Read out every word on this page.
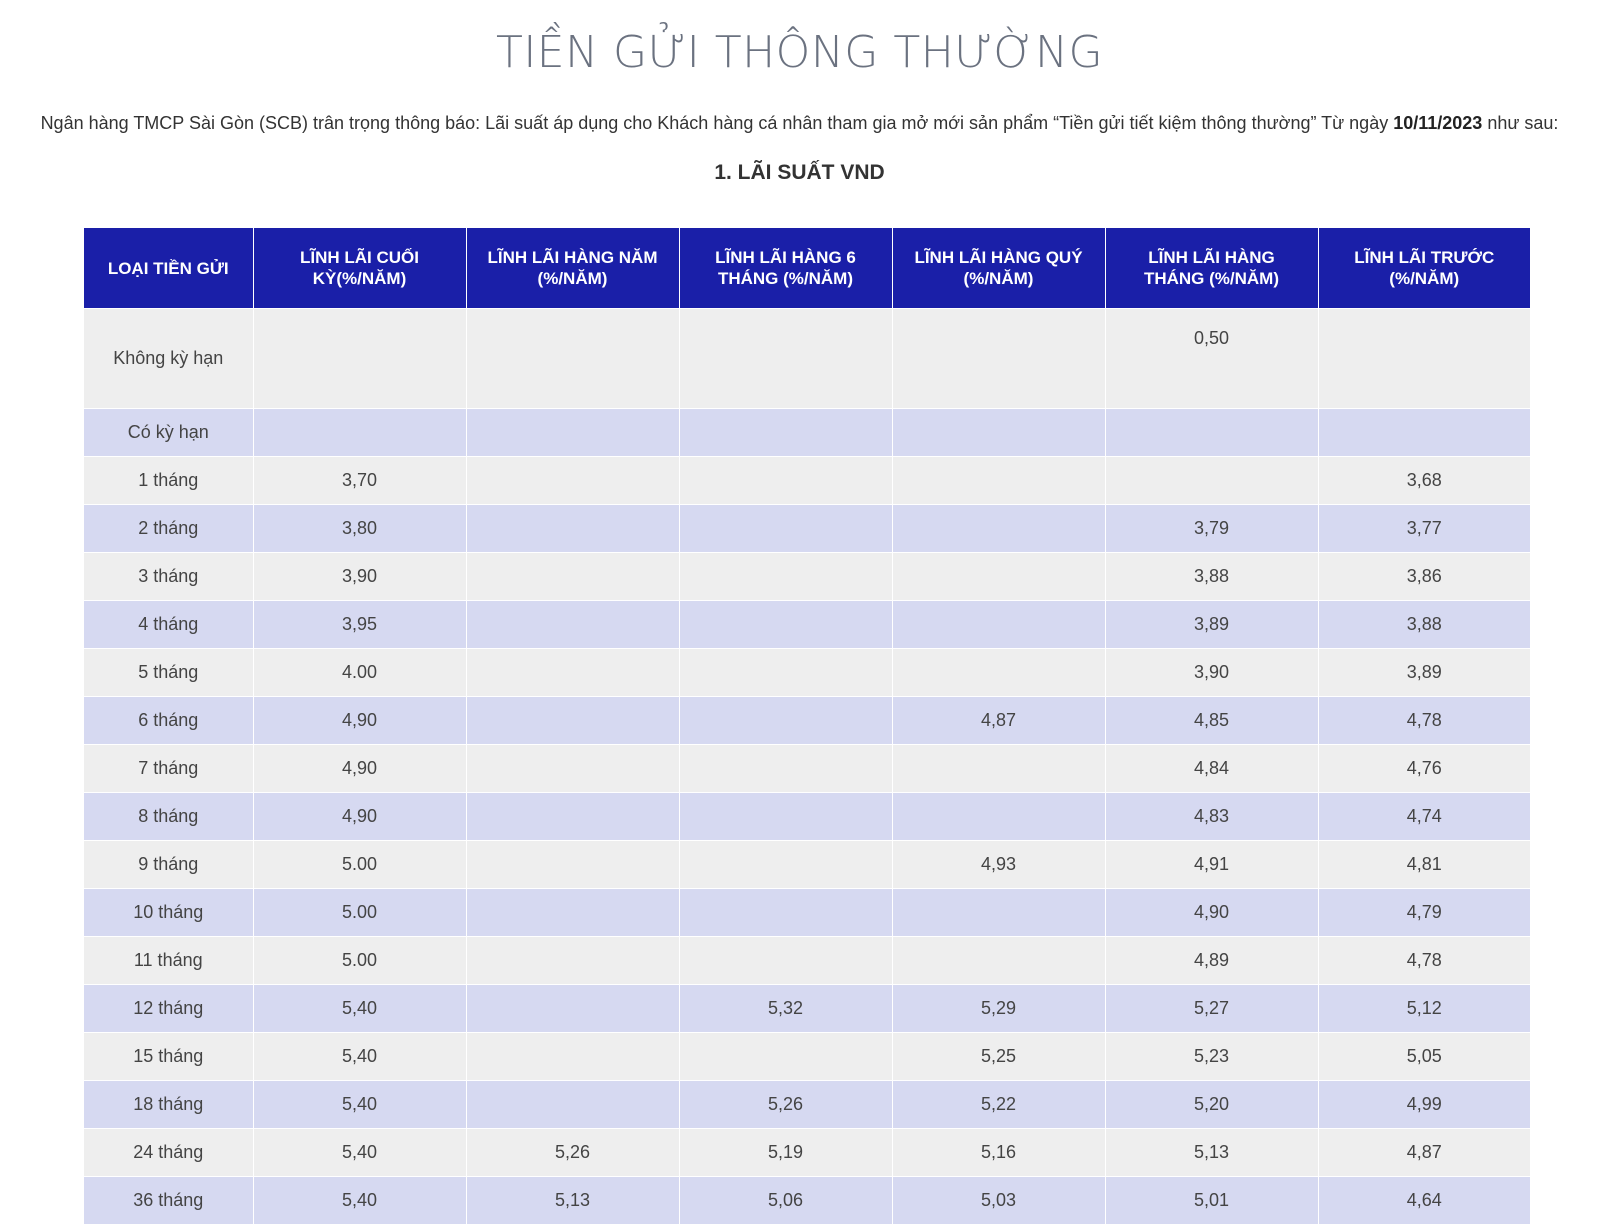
TIỀN GỬI THÔNG THƯỜNG

Ngân hàng TMCP Sài Gòn (SCB) trân trọng thông báo: Lãi suất áp dụng cho Khách hàng cá nhân tham gia mở mới sản phẩm “Tiền gửi tiết kiệm thông thường” Từ ngày 10/11/2023 như sau:

1. LÃI SUẤT VND
LOẠI TIỀN GỬI	LĨNH LÃI CUỐI KỲ(%/NĂM)	LĨNH LÃI HÀNG NĂM (%/NĂM)	LĨNH LÃI HÀNG 6 THÁNG (%/NĂM)	LĨNH LÃI HÀNG QUÝ (%/NĂM)	LĨNH LÃI HÀNG THÁNG (%/NĂM)	LĨNH LÃI TRƯỚC (%/NĂM)
Không kỳ hạn					0,50	
Có kỳ hạn						
1 tháng	3,70					3,68
2 tháng	3,80				3,79	3,77
3 tháng	3,90				3,88	3,86
4 tháng	3,95				3,89	3,88
5 tháng	4.00				3,90	3,89
6 tháng	4,90			4,87	4,85	4,78
7 tháng	4,90				4,84	4,76
8 tháng	4,90				4,83	4,74
9 tháng	5.00			4,93	4,91	4,81
10 tháng	5.00				4,90	4,79
11 tháng	5.00				4,89	4,78
12 tháng	5,40		5,32	5,29	5,27	5,12
15 tháng	5,40			5,25	5,23	5,05
18 tháng	5,40		5,26	5,22	5,20	4,99
24 tháng	5,40	5,26	5,19	5,16	5,13	4,87
36 tháng	5,40	5,13	5,06	5,03	5,01	4,64
